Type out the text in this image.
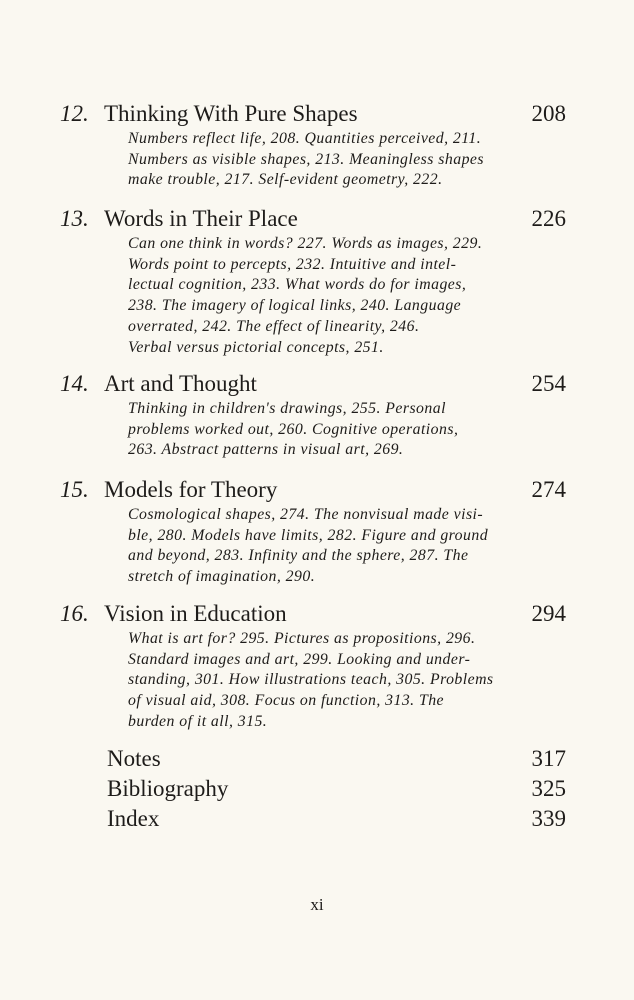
12. Thinking With Pure Shapes	208
Numbers reflect life, 208. Quantities perceived, 211.
Numbers as visible shapes, 213. Meaningless shapes
make trouble, 217. Self-evident geometry, 222.
13. Words in Their Place	226
Can one think in words? 227. Words as images, 229.
Words point to percepts, 232. Intuitive and intel-
lectual cognition, 233. What words do for images,
238. The imagery of logical links, 240. Language
overrated, 242. The effect of linearity, 246.
Verbal versus pictorial concepts, 251.
14. Art and Thought	254
Thinking in children's drawings, 255. Personal
problems worked out, 260. Cognitive operations,
263. Abstract patterns in visual art, 269.
15. Models for Theory	274
Cosmological shapes, 274. The nonvisual made visi-
ble, 280. Models have limits, 282. Figure and ground
and beyond, 283. Infinity and the sphere, 287. The
stretch of imagination, 290.
16. Vision in Education	294
What is art for? 295. Pictures as propositions, 296.
Standard images and art, 299. Looking and under-
standing, 301. How illustrations teach, 305. Problems
of visual aid, 308. Focus on function, 313. The
burden of it all, 315.
Notes	317
Bibliography	325
Index	339
xi
